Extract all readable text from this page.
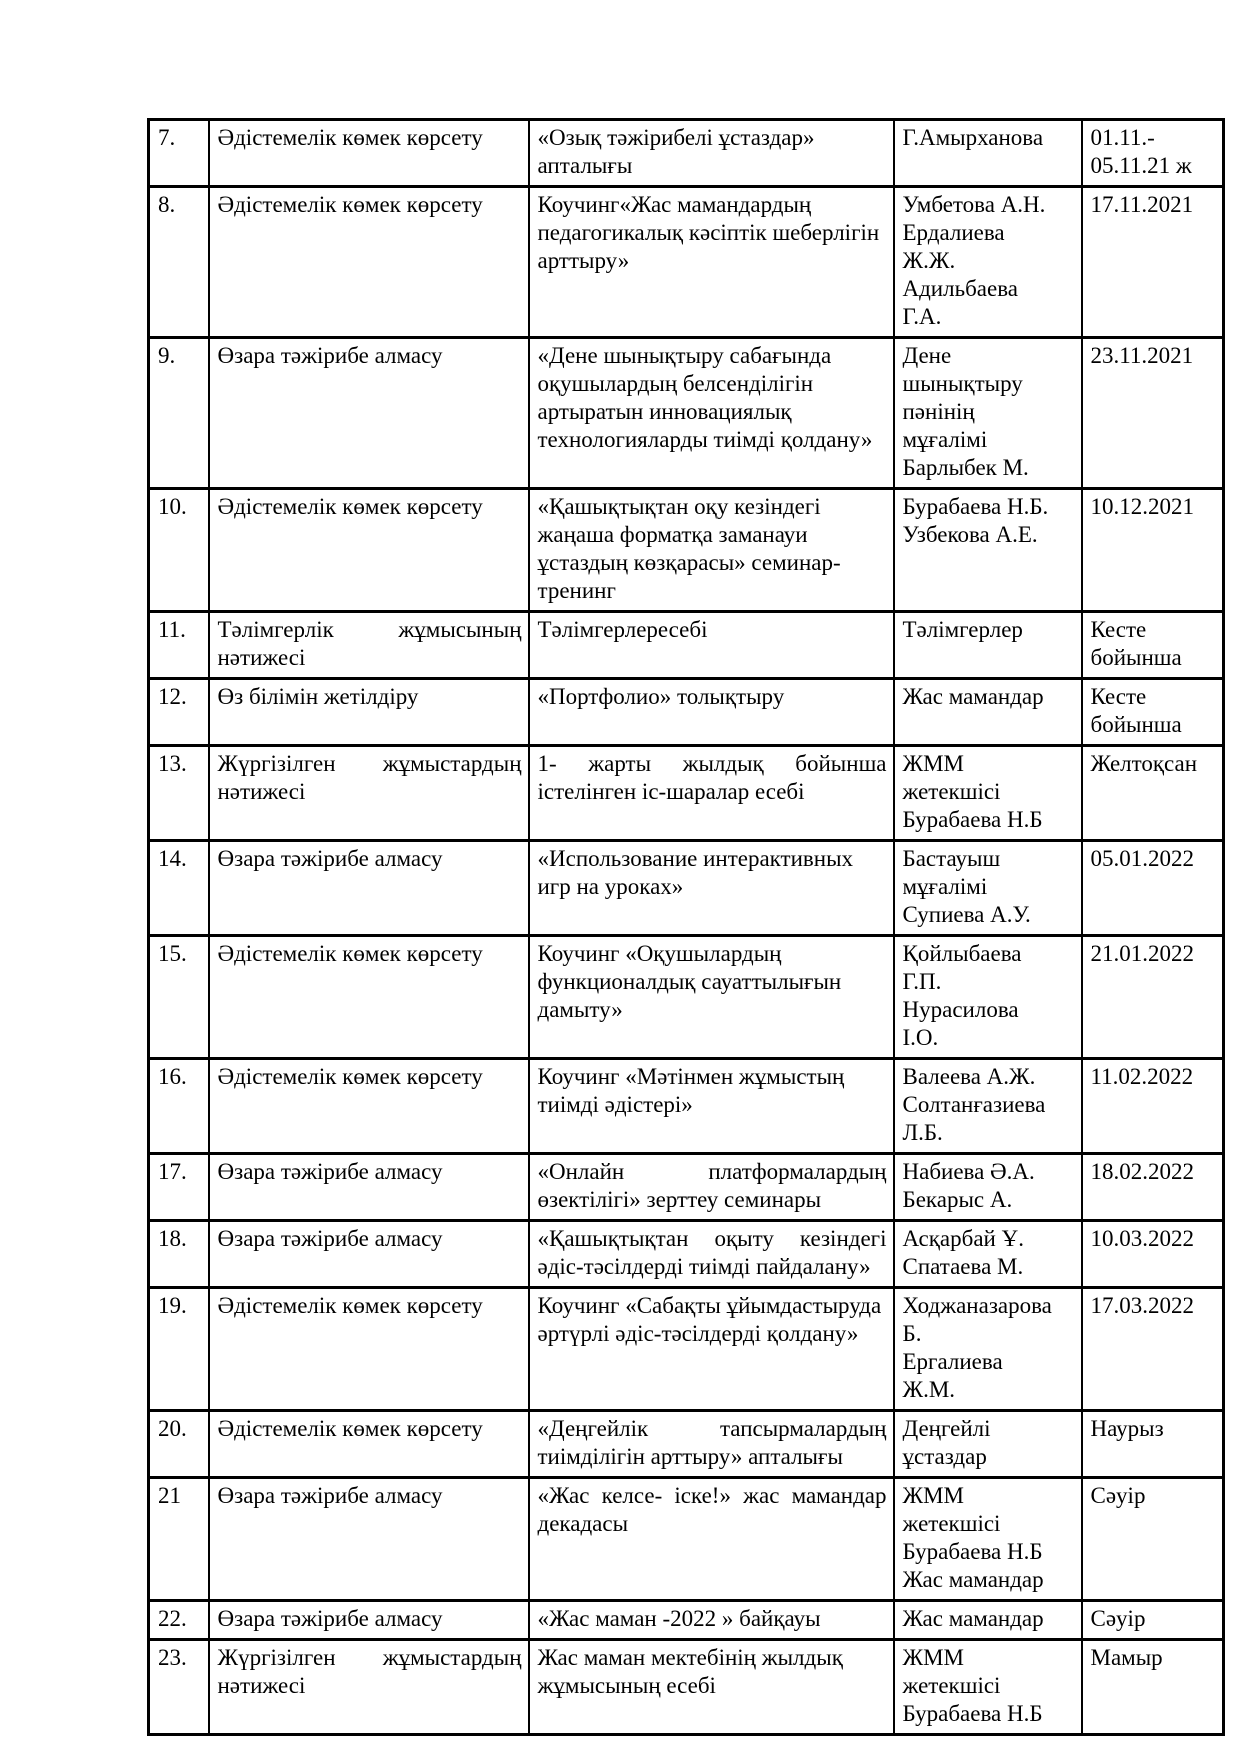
7.	Әдістемелік көмек көрсету	«Озық тәжірибелі ұстаздар» апталығы	Г.Амырханова	01.11.-
05.11.21 ж

8.	Әдістемелік көмек көрсету	Коучинг«Жас мамандардың педагогикалық кәсіптік шеберлігін арттыру»	Умбетова А.Н.
Ердалиева
Ж.Ж.
Адильбаева
Г.А.	17.11.2021

9.	Өзара тәжірибе алмасу	«Дене шынықтыру сабағында оқушылардың белсенділігін артыратын инновациялық технологияларды тиімді қолдану»	Дене
шынықтыру
пәнінің
мұғалімі
Барлыбек М.	23.11.2021

10.	Әдістемелік көмек көрсету	«Қашықтықтан оқу кезіндегі жаңаша форматқа заманауи ұстаздың көзқарасы» семинар-тренинг	Бурабаева Н.Б.
Узбекова А.Е.	10.12.2021

11.	Тәлімгерлік жұмысының нәтижесі	Тәлімгерлересебі	Тәлімгерлер	Кесте
бойынша

12.	Өз білімін жетілдіру	«Портфолио» толықтыру	Жас мамандар	Кесте
бойынша

13.	Жүргізілген жұмыстардың нәтижесі	1- жарты жылдық бойынша істелінген іс-шаралар есебі	ЖММ
жетекшісі
Бурабаева Н.Б	Желтоқсан

14.	Өзара тәжірибе алмасу	«Использование интерактивных игр на уроках»	Бастауыш
мұғалімі
Супиева А.У.	05.01.2022

15.	Әдістемелік көмек көрсету	Коучинг «Оқушылардың функционалдық сауаттылығын дамыту»	Қойлыбаева
Г.П.
Нурасилова
І.О.	21.01.2022

16.	Әдістемелік көмек көрсету	Коучинг «Мәтінмен жұмыстың тиімді әдістері»	Валеева А.Ж.
Солтанғазиева
Л.Б.	11.02.2022

17.	Өзара тәжірибе алмасу	«Онлайн платформалардың өзектілігі» зерттеу семинары	Набиева Ә.А.
Бекарыс А.	18.02.2022

18.	Өзара тәжірибе алмасу	«Қашықтықтан оқыту кезіндегі әдіс-тәсілдерді тиімді пайдалану»	Асқарбай Ұ.
Спатаева М.	10.03.2022

19.	Әдістемелік көмек көрсету	Коучинг «Сабақты ұйымдастыруда әртүрлі әдіс-тәсілдерді қолдану»	Ходжаназарова
Б.
Ергалиева
Ж.М.	17.03.2022

20.	Әдістемелік көмек көрсету	«Деңгейлік тапсырмалардың тиімділігін арттыру» апталығы	Деңгейлі
ұстаздар	Наурыз

21	Өзара тәжірибе алмасу	«Жас келсе- іске!» жас мамандар декадасы	ЖММ
жетекшісі
Бурабаева Н.Б
Жас мамандар	Сәуір

22.	Өзара тәжірибе алмасу	«Жас маман -2022 » байқауы	Жас мамандар	Сәуір

23.	Жүргізілген жұмыстардың нәтижесі	Жас маман мектебінің жылдық жұмысының есебі	ЖММ
жетекшісі
Бурабаева Н.Б	Мамыр
